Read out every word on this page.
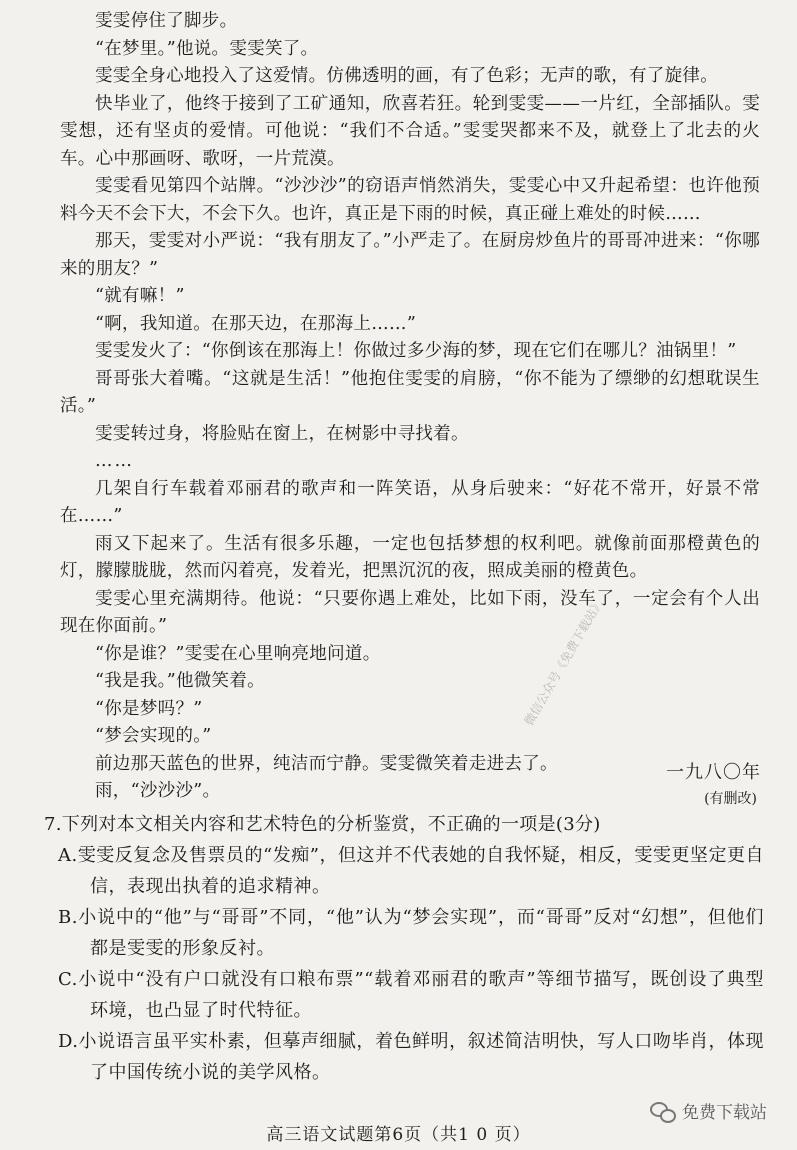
雯雯停住了脚步。

“在梦里。”他说。雯雯笑了。

雯雯全身心地投入了这爱情。仿佛透明的画，有了色彩；无声的歌，有了旋律。

快毕业了，他终于接到了工矿通知，欣喜若狂。轮到雯雯——一片红，全部插队。雯雯想，还有坚贞的爱情。可他说：“我们不合适。”雯雯哭都来不及，就登上了北去的火车。心中那画呀、歌呀，一片荒漠。

雯雯看见第四个站牌。“沙沙沙”的窃语声悄然消失，雯雯心中又升起希望：也许他预料今天不会下大，不会下久。也许，真正是下雨的时候，真正碰上难处的时候……

那天，雯雯对小严说：“我有朋友了。”小严走了。在厨房炒鱼片的哥哥冲进来：“你哪来的朋友？”

“就有嘛！”

“啊，我知道。在那天边，在那海上……”

雯雯发火了：“你倒该在那海上！你做过多少海的梦，现在它们在哪儿？油锅里！”

哥哥张大着嘴。“这就是生活！”他抱住雯雯的肩膀，“你不能为了缥缈的幻想耽误生活。”

雯雯转过身，将脸贴在窗上，在树影中寻找着。

……

几架自行车载着邓丽君的歌声和一阵笑语，从身后驶来：“好花不常开，好景不常在……”

雨又下起来了。生活有很多乐趣，一定也包括梦想的权利吧。就像前面那橙黄色的灯，朦朦胧胧，然而闪着亮，发着光，把黑沉沉的夜，照成美丽的橙黄色。

雯雯心里充满期待。他说：“只要你遇上难处，比如下雨，没车了，一定会有个人出现在你面前。”

“你是谁？”雯雯在心里响亮地问道。

“我是我。”他微笑着。

“你是梦吗？”

“梦会实现的。”

前边那天蓝色的世界，纯洁而宁静。雯雯微笑着走进去了。

雨，“沙沙沙”。

微信公众号《免费下载站》
一九八〇年
(有删改)

7.下列对本文相关内容和艺术特色的分析鉴赏，不正确的一项是(3分)

A.雯雯反复念及售票员的“发痴”，但这并不代表她的自我怀疑，相反，雯雯更坚定更自信，表现出执着的追求精神。

B.小说中的“他”与“哥哥”不同，“他”认为“梦会实现”，而“哥哥”反对“幻想”，但他们都是雯雯的形象反衬。

C.小说中“没有户口就没有口粮布票”“载着邓丽君的歌声”等细节描写，既创设了典型环境，也凸显了时代特征。

D.小说语言虽平实朴素，但摹声细腻，着色鲜明，叙述简洁明快，写人口吻毕肖，体现了中国传统小说的美学风格。

免费下载站
高三语文试题第6页（共1 0 页）
